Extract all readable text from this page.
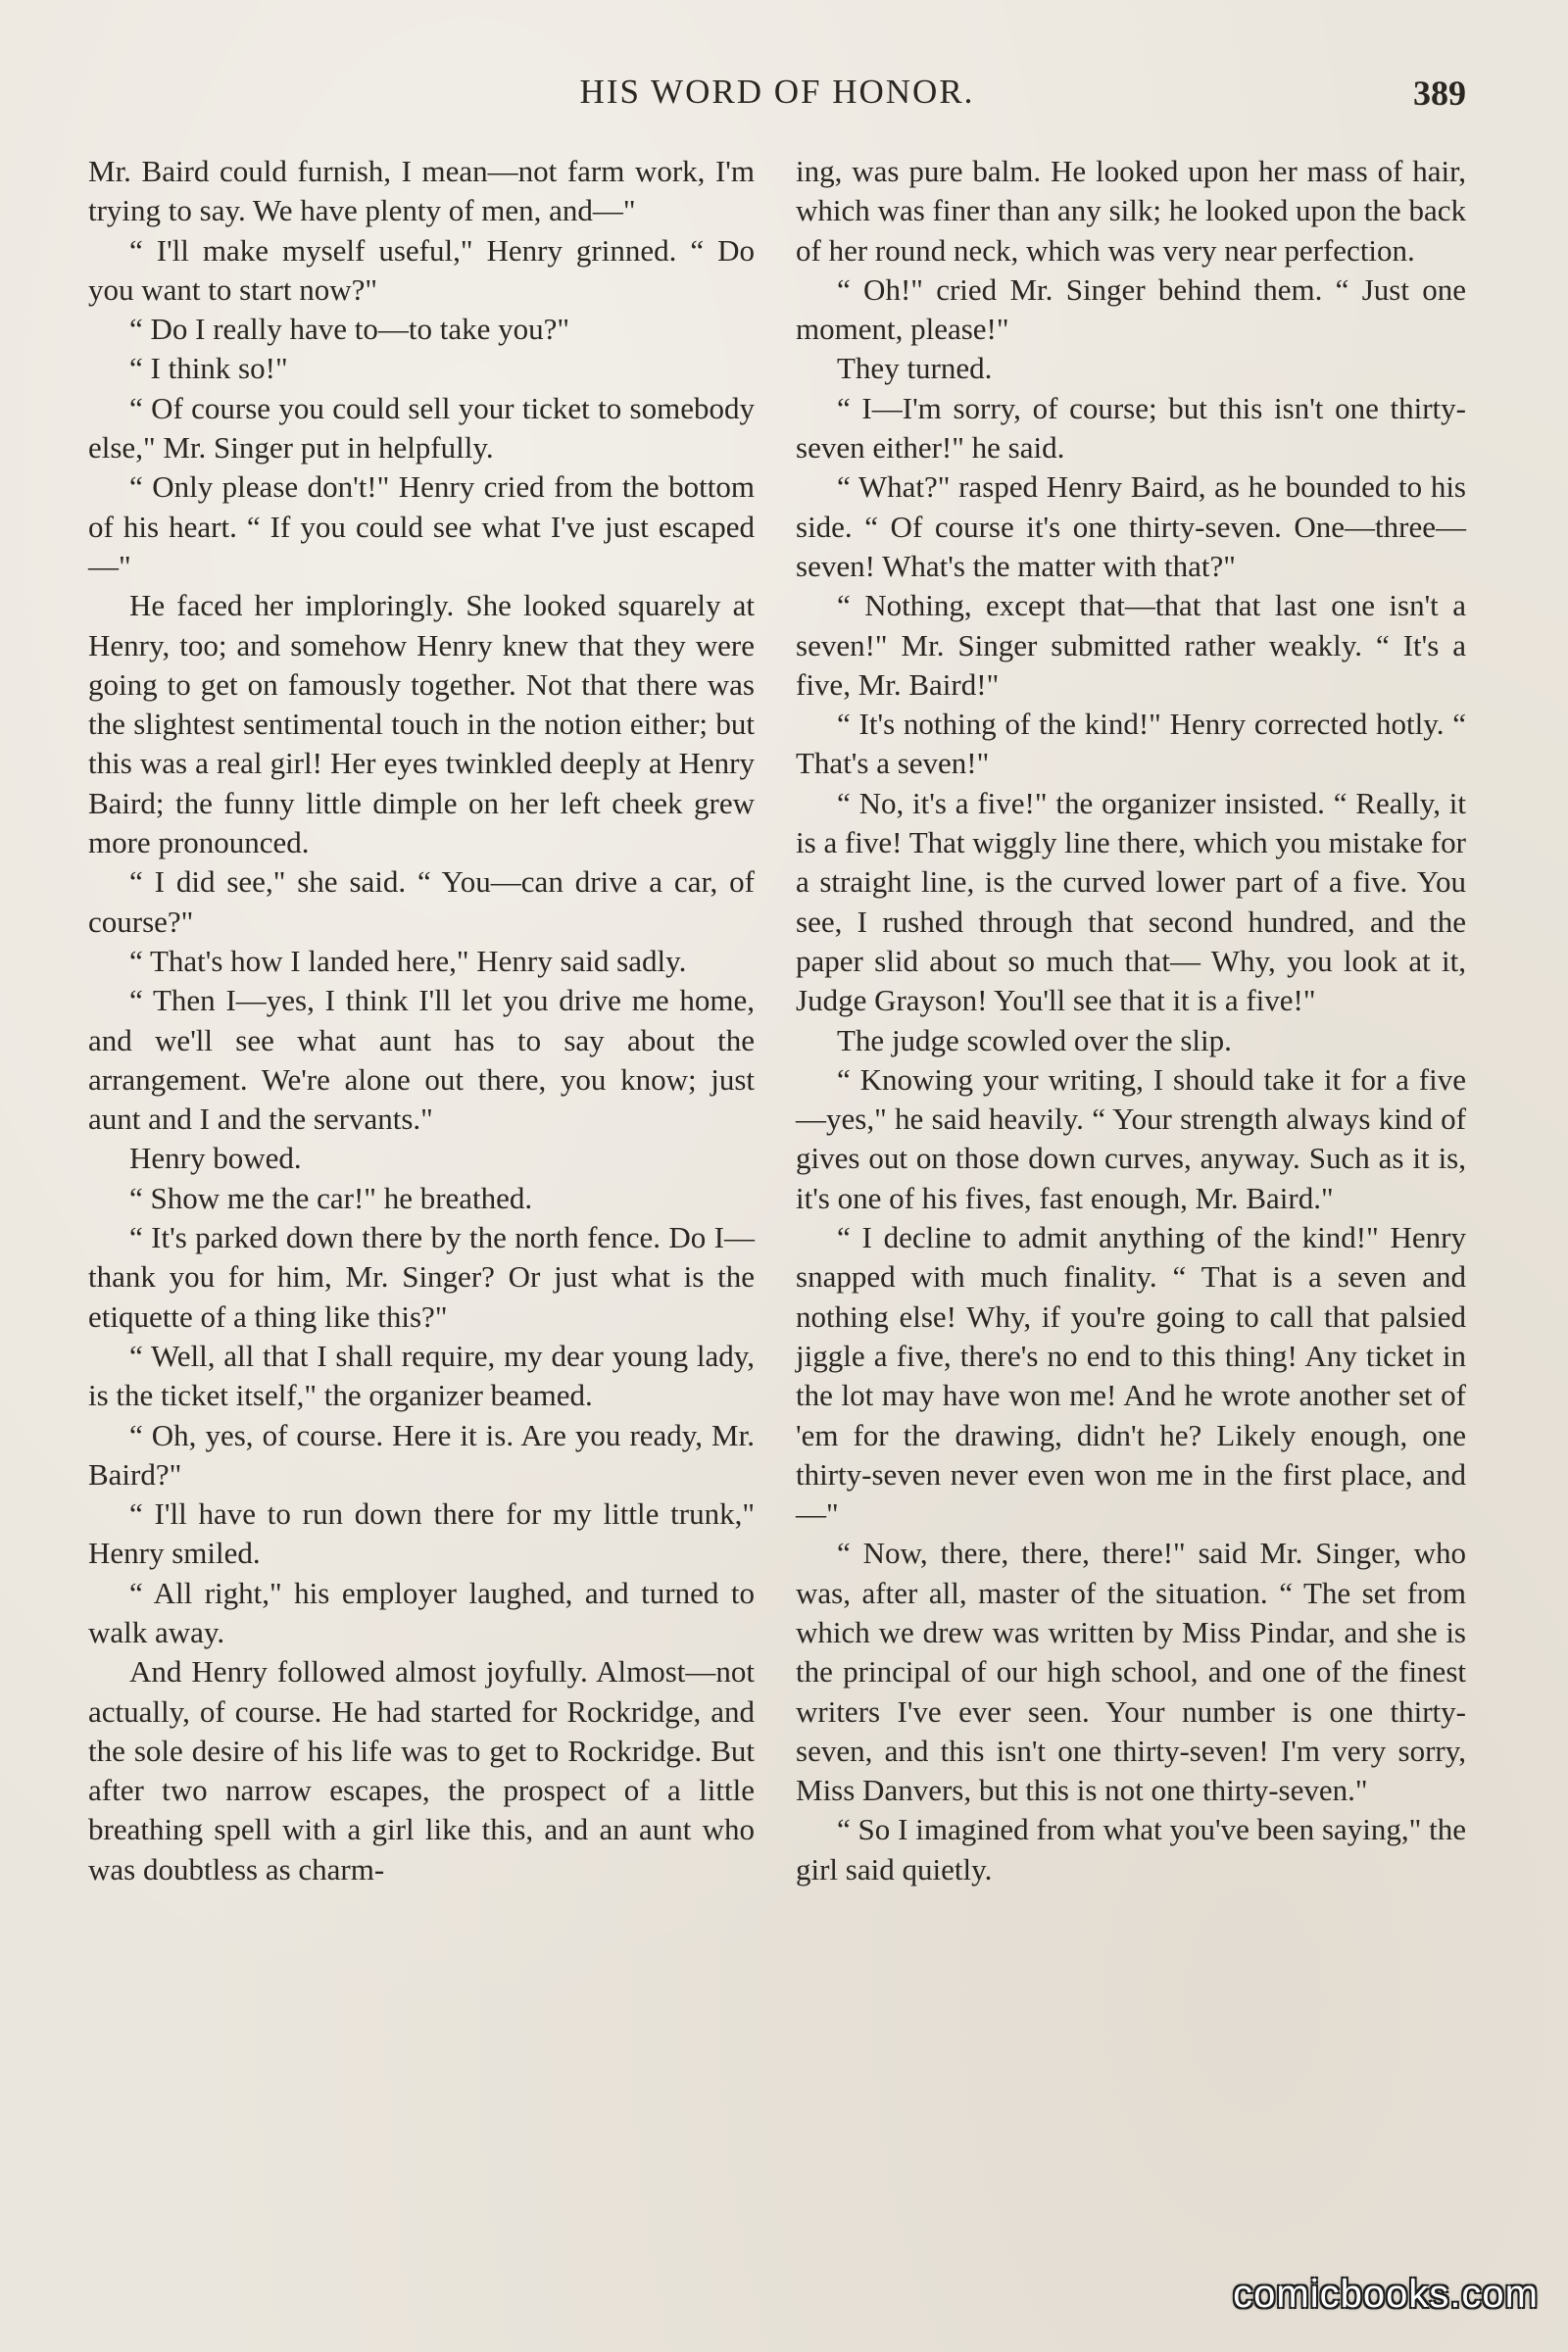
HIS WORD OF HONOR.	389

Mr. Baird could furnish, I mean—not farm work, I'm trying to say. We have plenty of men, and—"

“ I'll make myself useful," Henry grinned. “ Do you want to start now?"

“ Do I really have to—to take you?"

“ I think so!"

“ Of course you could sell your ticket to somebody else," Mr. Singer put in helpfully.

“ Only please don't!" Henry cried from the bottom of his heart. “ If you could see what I've just escaped—"

He faced her imploringly. She looked squarely at Henry, too; and somehow Henry knew that they were going to get on famously together. Not that there was the slightest sentimental touch in the notion either; but this was a real girl! Her eyes twinkled deeply at Henry Baird; the funny little dimple on her left cheek grew more pronounced.

“ I did see," she said. “ You—can drive a car, of course?"

“ That's how I landed here," Henry said sadly.

“ Then I—yes, I think I'll let you drive me home, and we'll see what aunt has to say about the arrangement. We're alone out there, you know; just aunt and I and the servants."

Henry bowed.

“ Show me the car!" he breathed.

“ It's parked down there by the north fence. Do I—thank you for him, Mr. Singer? Or just what is the etiquette of a thing like this?"

“ Well, all that I shall require, my dear young lady, is the ticket itself," the organizer beamed.

“ Oh, yes, of course. Here it is. Are you ready, Mr. Baird?"

“ I'll have to run down there for my little trunk," Henry smiled.

“ All right," his employer laughed, and turned to walk away.

And Henry followed almost joyfully. Almost—not actually, of course. He had started for Rockridge, and the sole desire of his life was to get to Rockridge. But after two narrow escapes, the prospect of a little breathing spell with a girl like this, and an aunt who was doubtless as charm-

ing, was pure balm. He looked upon her mass of hair, which was finer than any silk; he looked upon the back of her round neck, which was very near perfection.

“ Oh!" cried Mr. Singer behind them. “ Just one moment, please!"

They turned.

“ I—I'm sorry, of course; but this isn't one thirty-seven either!" he said.

“ What?" rasped Henry Baird, as he bounded to his side. “ Of course it's one thirty-seven. One—three—seven! What's the matter with that?"

“ Nothing, except that—that that last one isn't a seven!" Mr. Singer submitted rather weakly. “ It's a five, Mr. Baird!"

“ It's nothing of the kind!" Henry corrected hotly. “ That's a seven!"

“ No, it's a five!" the organizer insisted. “ Really, it is a five! That wiggly line there, which you mistake for a straight line, is the curved lower part of a five. You see, I rushed through that second hundred, and the paper slid about so much that— Why, you look at it, Judge Grayson! You'll see that it is a five!"

The judge scowled over the slip.

“ Knowing your writing, I should take it for a five—yes," he said heavily. “ Your strength always kind of gives out on those down curves, anyway. Such as it is, it's one of his fives, fast enough, Mr. Baird."

“ I decline to admit anything of the kind!" Henry snapped with much finality. “ That is a seven and nothing else! Why, if you're going to call that palsied jiggle a five, there's no end to this thing! Any ticket in the lot may have won me! And he wrote another set of 'em for the drawing, didn't he? Likely enough, one thirty-seven never even won me in the first place, and—"

“ Now, there, there, there!" said Mr. Singer, who was, after all, master of the situation. “ The set from which we drew was written by Miss Pindar, and she is the principal of our high school, and one of the finest writers I've ever seen. Your number is one thirty-seven, and this isn't one thirty-seven! I'm very sorry, Miss Danvers, but this is not one thirty-seven."

“ So I imagined from what you've been saying," the girl said quietly.

comicbooks.com
